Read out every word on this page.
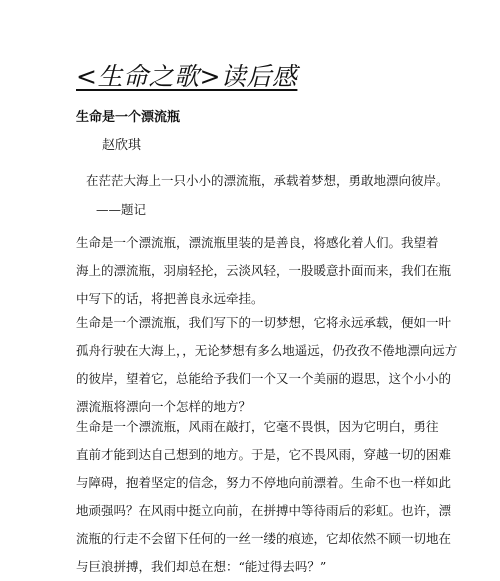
<生命之歌>读后感
生命是一个漂流瓶
赵欣琪
在茫茫大海上一只小小的漂流瓶，承载着梦想，勇敢地漂向彼岸。
——题记
生命是一个漂流瓶，漂流瓶里装的是善良，将感化着人们。我望着
海上的漂流瓶，羽扇轻抡，云淡风轻，一股暖意扑面而来，我们在瓶
中写下的话，将把善良永远牵挂。
生命是一个漂流瓶，我们写下的一切梦想，它将永远承载，便如一叶
孤舟行驶在大海上，，无论梦想有多么地遥远，仍孜孜不倦地漂向远方
的彼岸，望着它，总能给予我们一个又一个美丽的遐思，这个小小的
漂流瓶将漂向一个怎样的地方？
生命是一个漂流瓶，风雨在敲打，它毫不畏惧，因为它明白，勇往
直前才能到达自己想到的地方。于是，它不畏风雨，穿越一切的困难
与障碍，抱着坚定的信念，努力不停地向前漂着。生命不也一样如此
地顽强吗？在风雨中挺立向前，在拼搏中等待雨后的彩虹。也许，漂
流瓶的行走不会留下任何的一丝一缕的痕迹，它却依然不顾一切地在
与巨浪拼搏，我们却总在想：“能过得去吗？”
